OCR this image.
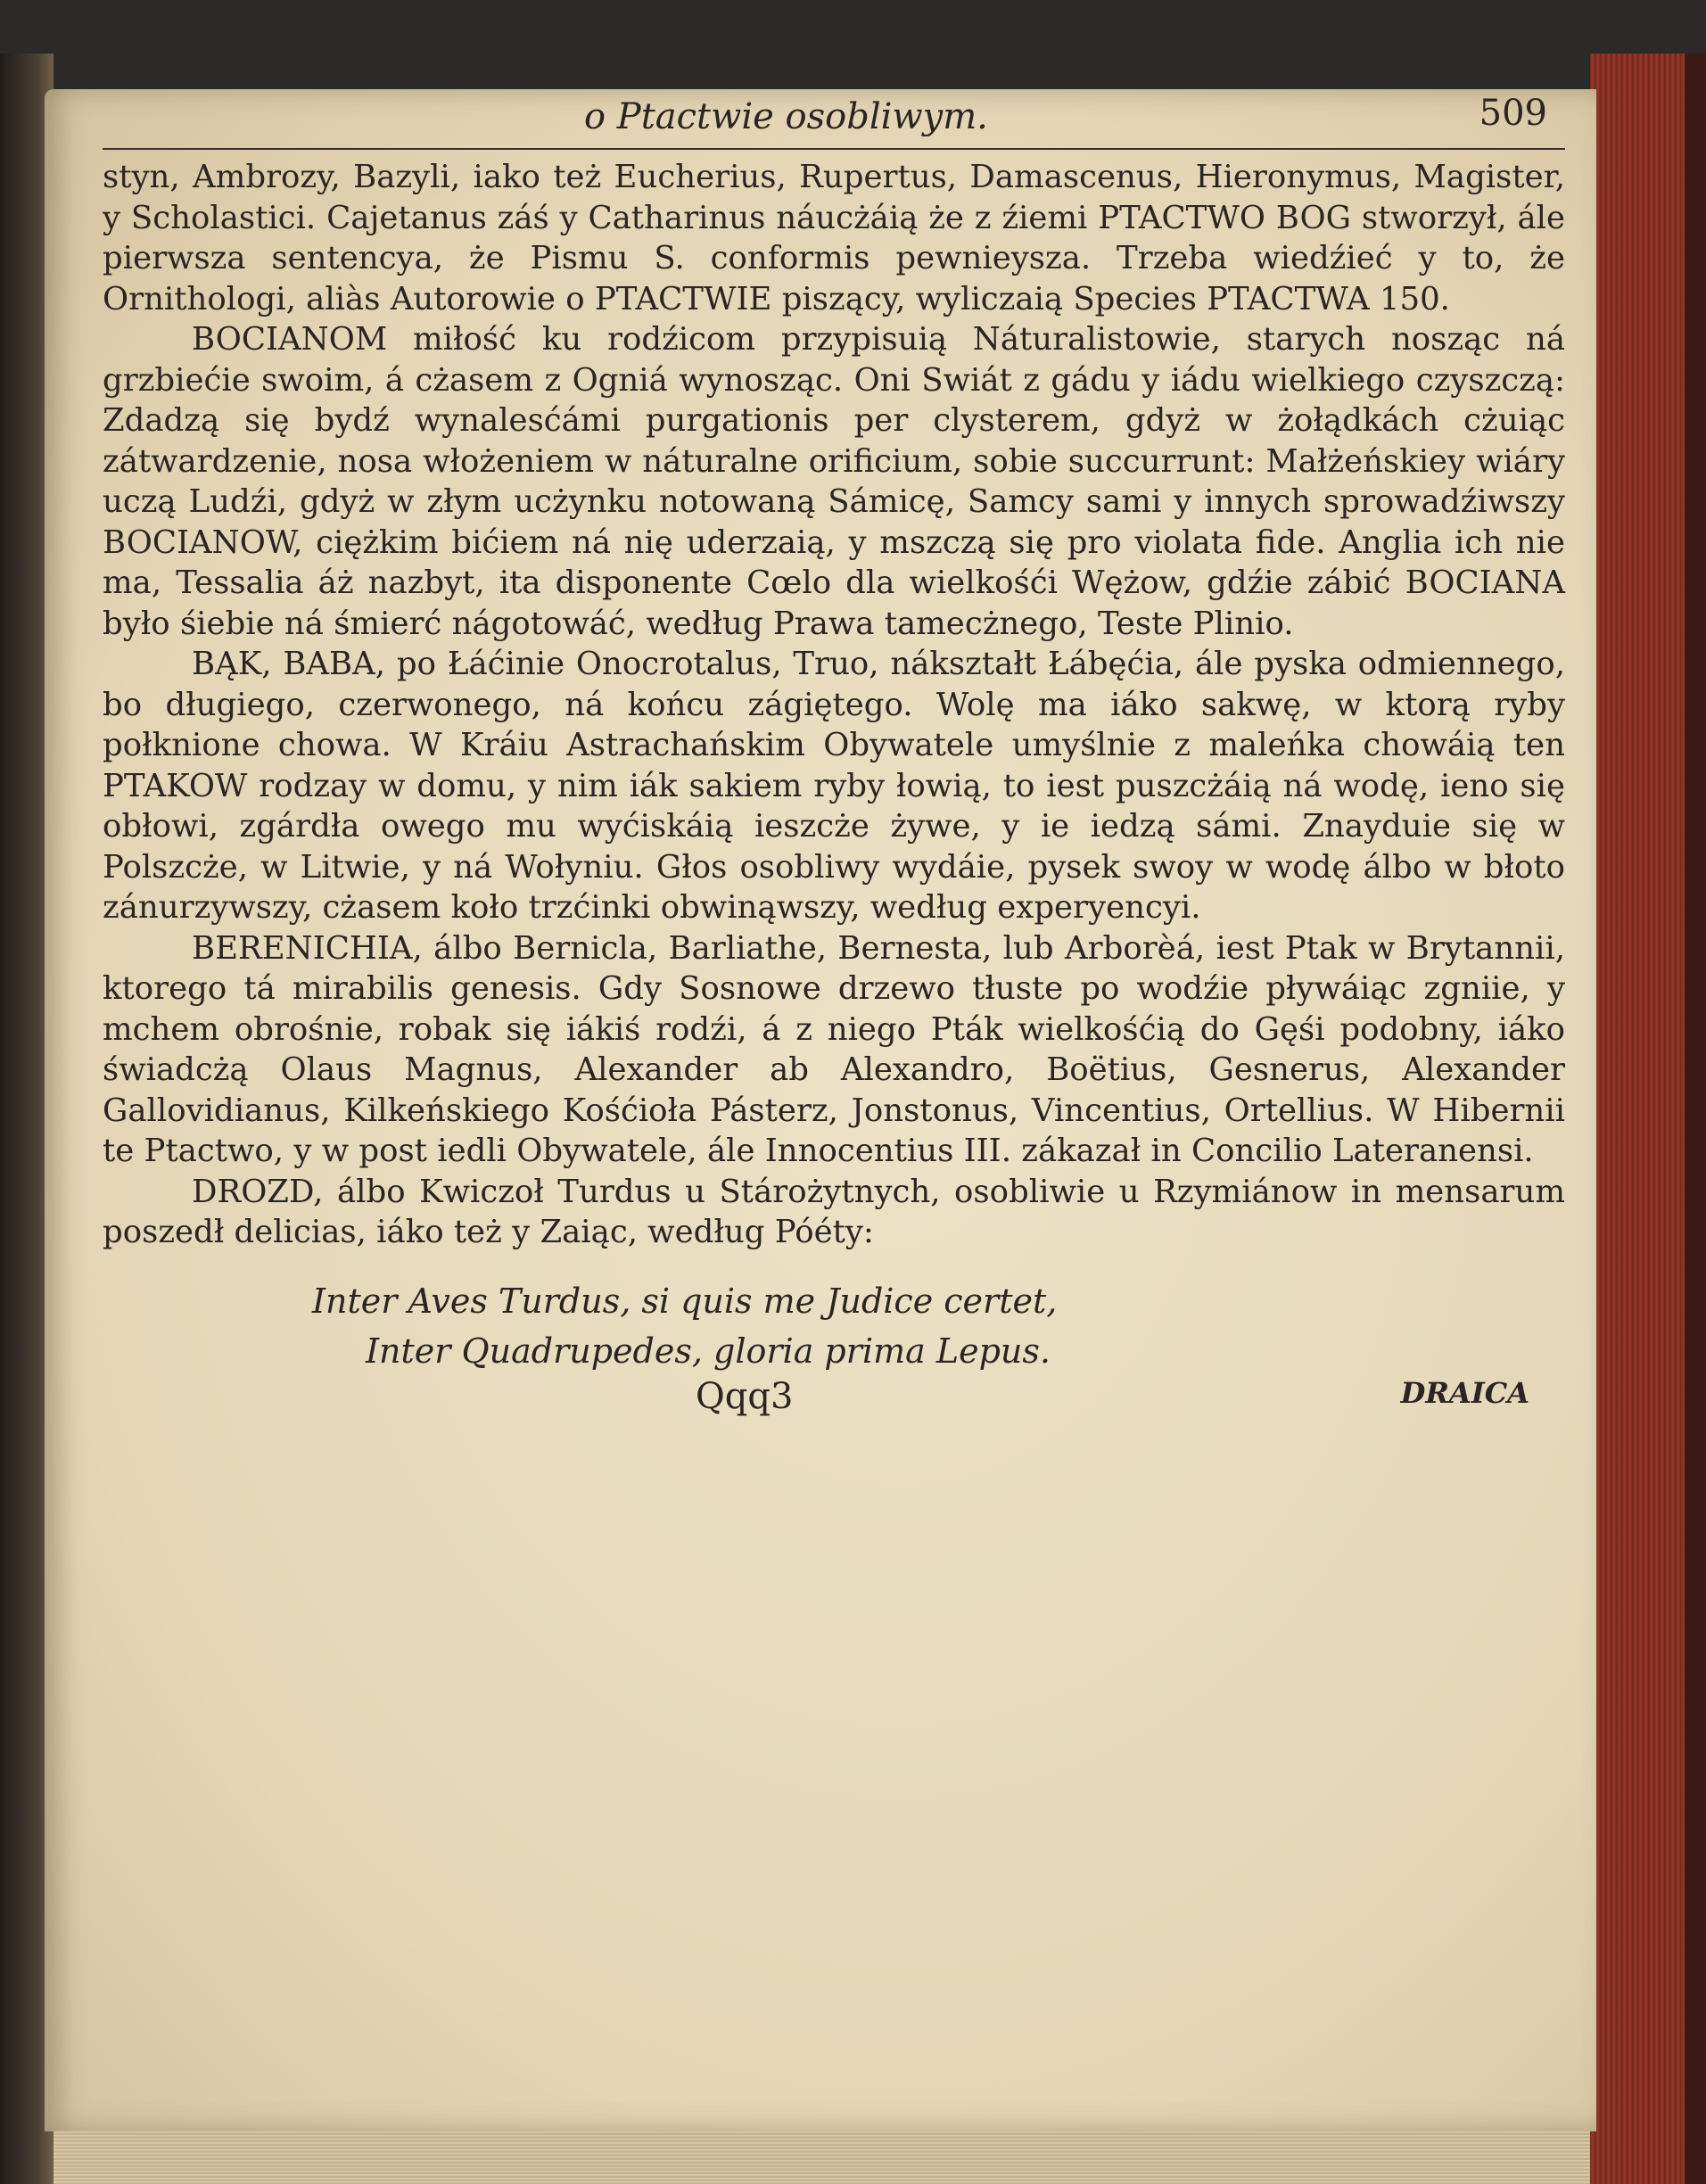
o Ptactwie osobliwym.	509

styn, Ambrozy, Bazyli, iako też Eucherius, Rupertus, Damascenus, Hieronymus, Magister, y Scholastici. Cajetanus záś y Catharinus náucżáią że z źiemi PTACTWO BOG stworzył, ále pierwsza sentencya, że Pismu S. conformis pewnieysza. Trzeba wiedźieć y to, że Ornithologi, aliàs Autorowie o PTACTWIE piszący, wyliczaią Species PTACTWA 150.

BOCIANOM miłość ku rodźicom przypisuią Náturalistowie, starych nosząc ná grzbiećie swoim, á cżasem z Ogniá wynosząc. Oni Swiát z gádu y iádu wielkiego czyszczą: Zdadzą się bydź wynalesćámi purgationis per clysterem, gdyż w żołądkách cżuiąc zátwardzenie, nosa włożeniem w náturalne orificium, sobie succurrunt: Małżeńskiey wiáry uczą Ludźi, gdyż w złym ucżynku notowaną Sámicę, Samcy sami y innych sprowadźiwszy BOCIANOW, ciężkim bićiem ná nię uderzaią, y mszczą się pro violata fide. Anglia ich nie ma, Tessalia áż nazbyt, ita disponente Cœlo dla wielkośći Wężow, gdźie zábić BOCIANA było śiebie ná śmierć nágotowáć, według Prawa tamecżnego, Teste Plinio.

BĄK, BABA, po Łáćinie Onocrotalus, Truo, nákształt Łábęćia, ále pyska odmiennego, bo długiego, czerwonego, ná końcu zágiętego. Wolę ma iáko sakwę, w ktorą ryby połknione chowa. W Kráiu Astrachańskim Obywatele umyślnie z maleńka chowáią ten PTAKOW rodzay w domu, y nim iák sakiem ryby łowią, to iest puszcżáią ná wodę, ieno się obłowi, zgárdła owego mu wyćiskáią ieszcże żywe, y ie iedzą sámi. Znayduie się w Polszcże, w Litwie, y ná Wołyniu. Głos osobliwy wydáie, pysek swoy w wodę álbo w błoto zánurzywszy, cżasem koło trzćinki obwinąwszy, według experyencyi.

BERENICHIA, álbo Bernicla, Barliathe, Bernesta, lub Arborèá, iest Ptak w Brytannii, ktorego tá mirabilis genesis. Gdy Sosnowe drzewo tłuste po wodźie pływáiąc zgniie, y mchem obrośnie, robak się iákiś rodźi, á z niego Pták wielkośćią do Gęśi podobny, iáko świadcżą Olaus Magnus, Alexander ab Alexandro, Boëtius, Gesnerus, Alexander Gallovidianus, Kilkeńskiego Kośćioła Pásterz, Jonstonus, Vincentius, Ortellius. W Hibernii te Ptactwo, y w post iedli Obywatele, ále Innocentius III. zákazał in Concilio Lateranensi.

DROZD, álbo Kwiczoł Turdus u Stárożytnych, osobliwie u Rzymiánow in mensarum poszedł delicias, iáko też y Zaiąc, według Póéty:

Inter Aves Turdus, si quis me Judice certet,
Inter Quadrupedes, gloria prima Lepus.
Qqq3	DRAICA
